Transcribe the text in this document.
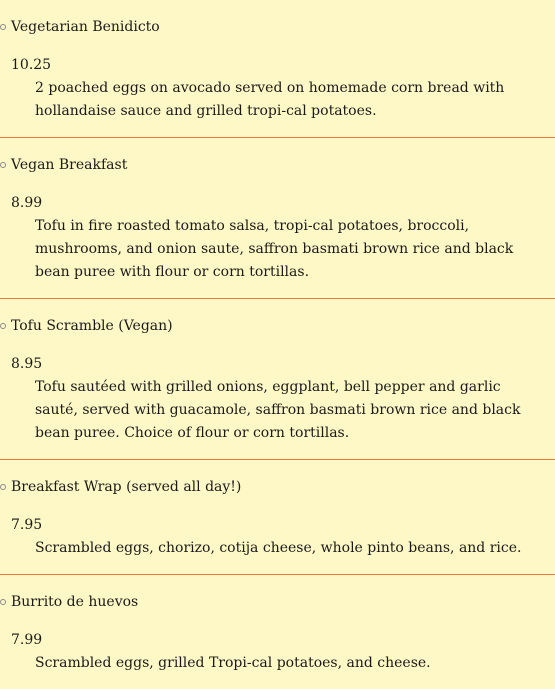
Vegetarian Benidicto

10.25

2 poached eggs on avocado served on homemade corn bread with hollandaise sauce and grilled tropi-cal potatoes.

Vegan Breakfast

8.99

Tofu in fire roasted tomato salsa, tropi-cal potatoes, broccoli, mushrooms, and onion saute, saffron basmati brown rice and black bean puree with flour or corn tortillas.

Tofu Scramble (Vegan)

8.95

Tofu sautéed with grilled onions, eggplant, bell pepper and garlic sauté, served with guacamole, saffron basmati brown rice and black bean puree. Choice of flour or corn tortillas.

Breakfast Wrap (served all day!)

7.95

Scrambled eggs, chorizo, cotija cheese, whole pinto beans, and rice.

Burrito de huevos

7.99

Scrambled eggs, grilled Tropi-cal potatoes, and cheese.
